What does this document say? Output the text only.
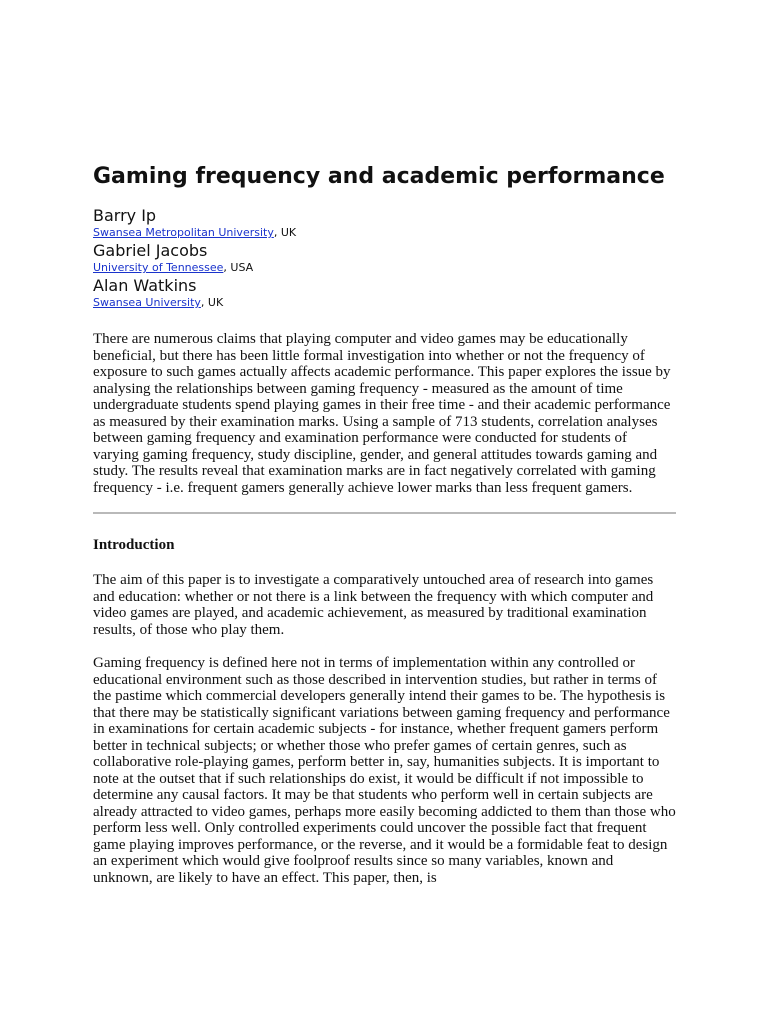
Gaming frequency and academic performance
Barry Ip
Swansea Metropolitan University, UK
Gabriel Jacobs
University of Tennessee, USA
Alan Watkins
Swansea University, UK

There are numerous claims that playing computer and video games may be educationally beneficial, but there has been little formal investigation into whether or not the frequency of exposure to such games actually affects academic performance. This paper explores the issue by analysing the relationships between gaming frequency - measured as the amount of time undergraduate students spend playing games in their free time - and their academic performance as measured by their examination marks. Using a sample of 713 students, correlation analyses between gaming frequency and examination performance were conducted for students of varying gaming frequency, study discipline, gender, and general attitudes towards gaming and study. The results reveal that examination marks are in fact negatively correlated with gaming frequency - i.e. frequent gamers generally achieve lower marks than less frequent gamers.

Introduction

The aim of this paper is to investigate a comparatively untouched area of research into games and education: whether or not there is a link between the frequency with which computer and video games are played, and academic achievement, as measured by traditional examination results, of those who play them.

Gaming frequency is defined here not in terms of implementation within any controlled or educational environment such as those described in intervention studies, but rather in terms of the pastime which commercial developers generally intend their games to be. The hypothesis is that there may be statistically significant variations between gaming frequency and performance in examinations for certain academic subjects - for instance, whether frequent gamers perform better in technical subjects; or whether those who prefer games of certain genres, such as collaborative role-playing games, perform better in, say, humanities subjects. It is important to note at the outset that if such relationships do exist, it would be difficult if not impossible to determine any causal factors. It may be that students who perform well in certain subjects are already attracted to video games, perhaps more easily becoming addicted to them than those who perform less well. Only controlled experiments could uncover the possible fact that frequent game playing improves performance, or the reverse, and it would be a formidable feat to design an experiment which would give foolproof results since so many variables, known and unknown, are likely to have an effect. This paper, then, is
